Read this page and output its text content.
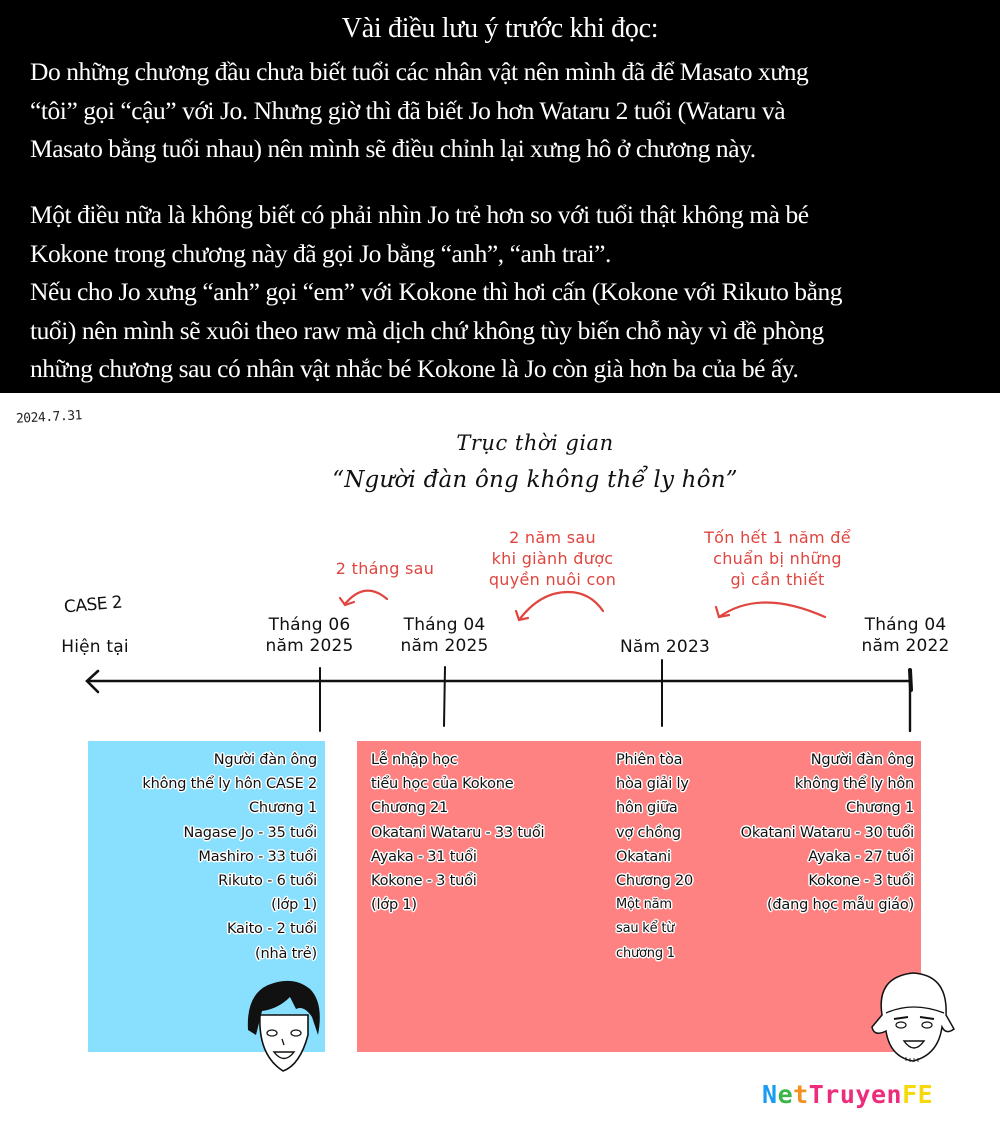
Vài điều lưu ý trước khi đọc:
Do những chương đầu chưa biết tuổi các nhân vật nên mình đã để Masato xưng
“tôi” gọi “cậu” với Jo. Nhưng giờ thì đã biết Jo hơn Wataru 2 tuổi (Wataru và
Masato bằng tuổi nhau) nên mình sẽ điều chỉnh lại xưng hô ở chương này.
Một điều nữa là không biết có phải nhìn Jo trẻ hơn so với tuổi thật không mà bé
Kokone trong chương này đã gọi Jo bằng “anh”, “anh trai”.
Nếu cho Jo xưng “anh” gọi “em” với Kokone thì hơi cấn (Kokone với Rikuto bằng
tuổi) nên mình sẽ xuôi theo raw mà dịch chứ không tùy biến chỗ này vì đề phòng
những chương sau có nhân vật nhắc bé Kokone là Jo còn già hơn ba của bé ấy.
2024.7.31
Trục thời gian
“Người đàn ông không thể ly hôn”
2 tháng sau
2 năm sau
khi giành được
quyền nuôi con
Tốn hết 1 năm để
chuẩn bị những
gì cần thiết
CASE 2
Hiện tại
Tháng 06
năm 2025
Tháng 04
năm 2025	Năm 2023
Tháng 04
năm 2022
Người đàn ông
không thể ly hôn CASE 2
Chương 1
Nagase Jo - 35 tuổi
Mashiro - 33 tuổi
Rikuto - 6 tuổi
(lớp 1)
Kaito - 2 tuổi
(nhà trẻ)
Lễ nhập học
tiểu học của Kokone
Chương 21
Okatani Wataru - 33 tuổi
Ayaka - 31 tuổi
Kokone - 3 tuổi
(lớp 1)
Phiên tòa
hòa giải ly
hôn giữa
vợ chồng
Okatani
Chương 20
Một năm
sau kể từ
chương 1
Người đàn ông
không thể ly hôn
Chương 1
Okatani Wataru - 30 tuổi
Ayaka - 27 tuổi
Kokone - 3 tuổi
(đang học mẫu giáo)
NetTruyenFE
